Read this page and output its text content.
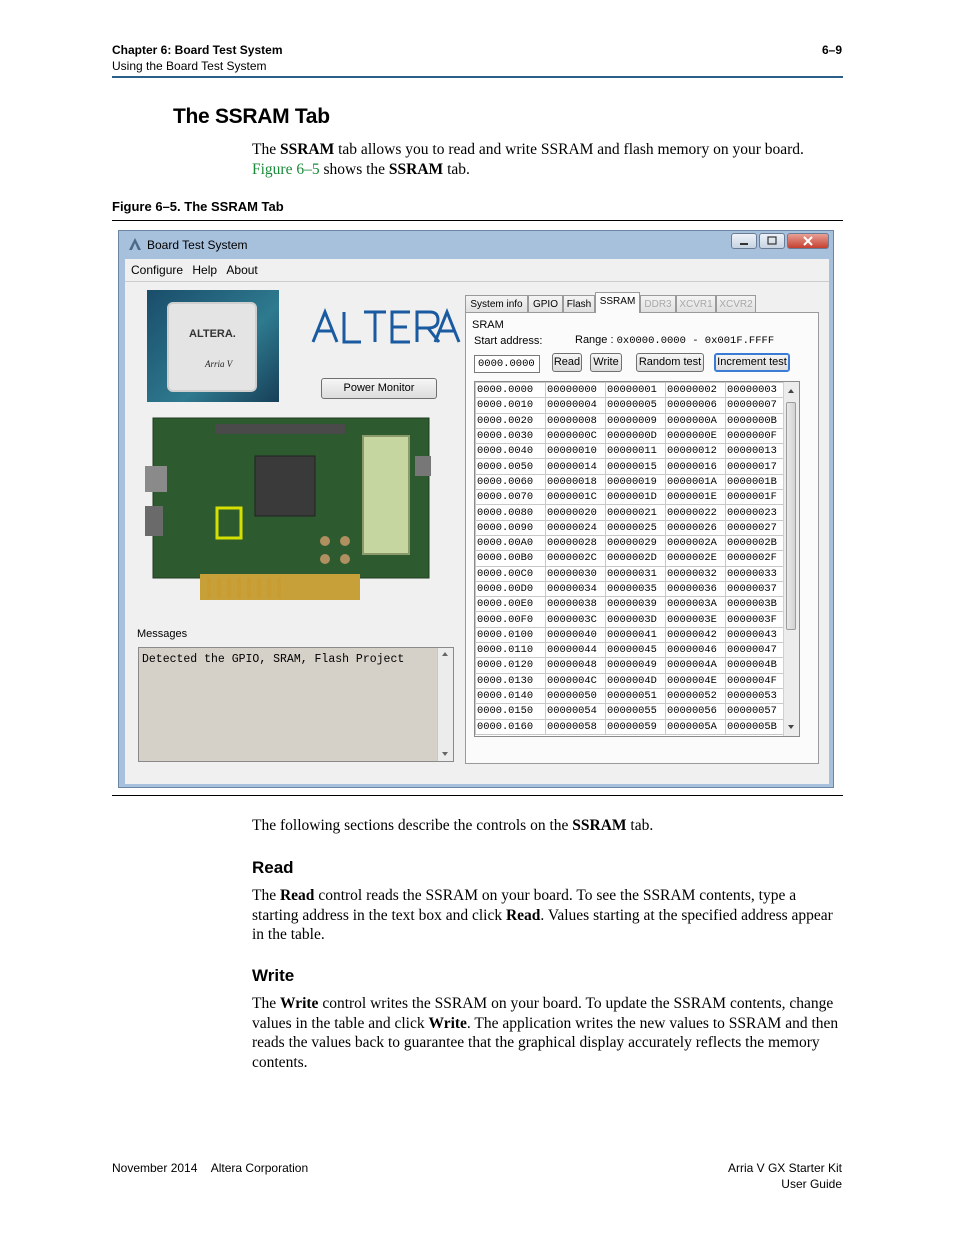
Chapter 6: Board Test System
Using the Board Test System
6–9
The SSRAM Tab
The SSRAM tab allows you to read and write SSRAM and flash memory on your board. Figure 6–5 shows the SSRAM tab.
Figure 6–5. The SSRAM Tab
Board Test System
Configure Help About
ALTERA.
Arria V
Power Monitor
Messages
Detected the GPIO, SRAM, Flash Project
System info	GPIO Flash SSRAM DDR3 XCVR1 XCVR2
SRAM
Start address:	Range : 0x0000.0000 - 0x001F.FFFF
0000.0000	Read Write Random test Increment test
0000.0000	00000000	00000001	00000002	00000003
0000.0010	00000004	00000005	00000006	00000007
0000.0020	00000008	00000009	0000000A	0000000B
0000.0030	0000000C	0000000D	0000000E	0000000F
0000.0040	00000010	00000011	00000012	00000013
0000.0050	00000014	00000015	00000016	00000017
0000.0060	00000018	00000019	0000001A	0000001B
0000.0070	0000001C	0000001D	0000001E	0000001F
0000.0080	00000020	00000021	00000022	00000023
0000.0090	00000024	00000025	00000026	00000027
0000.00A0	00000028	00000029	0000002A	0000002B
0000.00B0	0000002C	0000002D	0000002E	0000002F
0000.00C0	00000030	00000031	00000032	00000033
0000.00D0	00000034	00000035	00000036	00000037
0000.00E0	00000038	00000039	0000003A	0000003B
0000.00F0	0000003C	0000003D	0000003E	0000003F
0000.0100	00000040	00000041	00000042	00000043
0000.0110	00000044	00000045	00000046	00000047
0000.0120	00000048	00000049	0000004A	0000004B
0000.0130	0000004C	0000004D	0000004E	0000004F
0000.0140	00000050	00000051	00000052	00000053
0000.0150	00000054	00000055	00000056	00000057
0000.0160	00000058	00000059	0000005A	0000005B
The following sections describe the controls on the SSRAM tab.
Read
The Read control reads the SSRAM on your board. To see the SSRAM contents, type a starting address in the text box and click Read. Values starting at the specified address appear in the table.
Write
The Write control writes the SSRAM on your board. To update the SSRAM contents, change values in the table and click Write. The application writes the new values to SSRAM and then reads the values back to guarantee that the graphical display accurately reflects the memory contents.
November 2014 Altera Corporation	Arria V GX Starter Kit
User Guide
